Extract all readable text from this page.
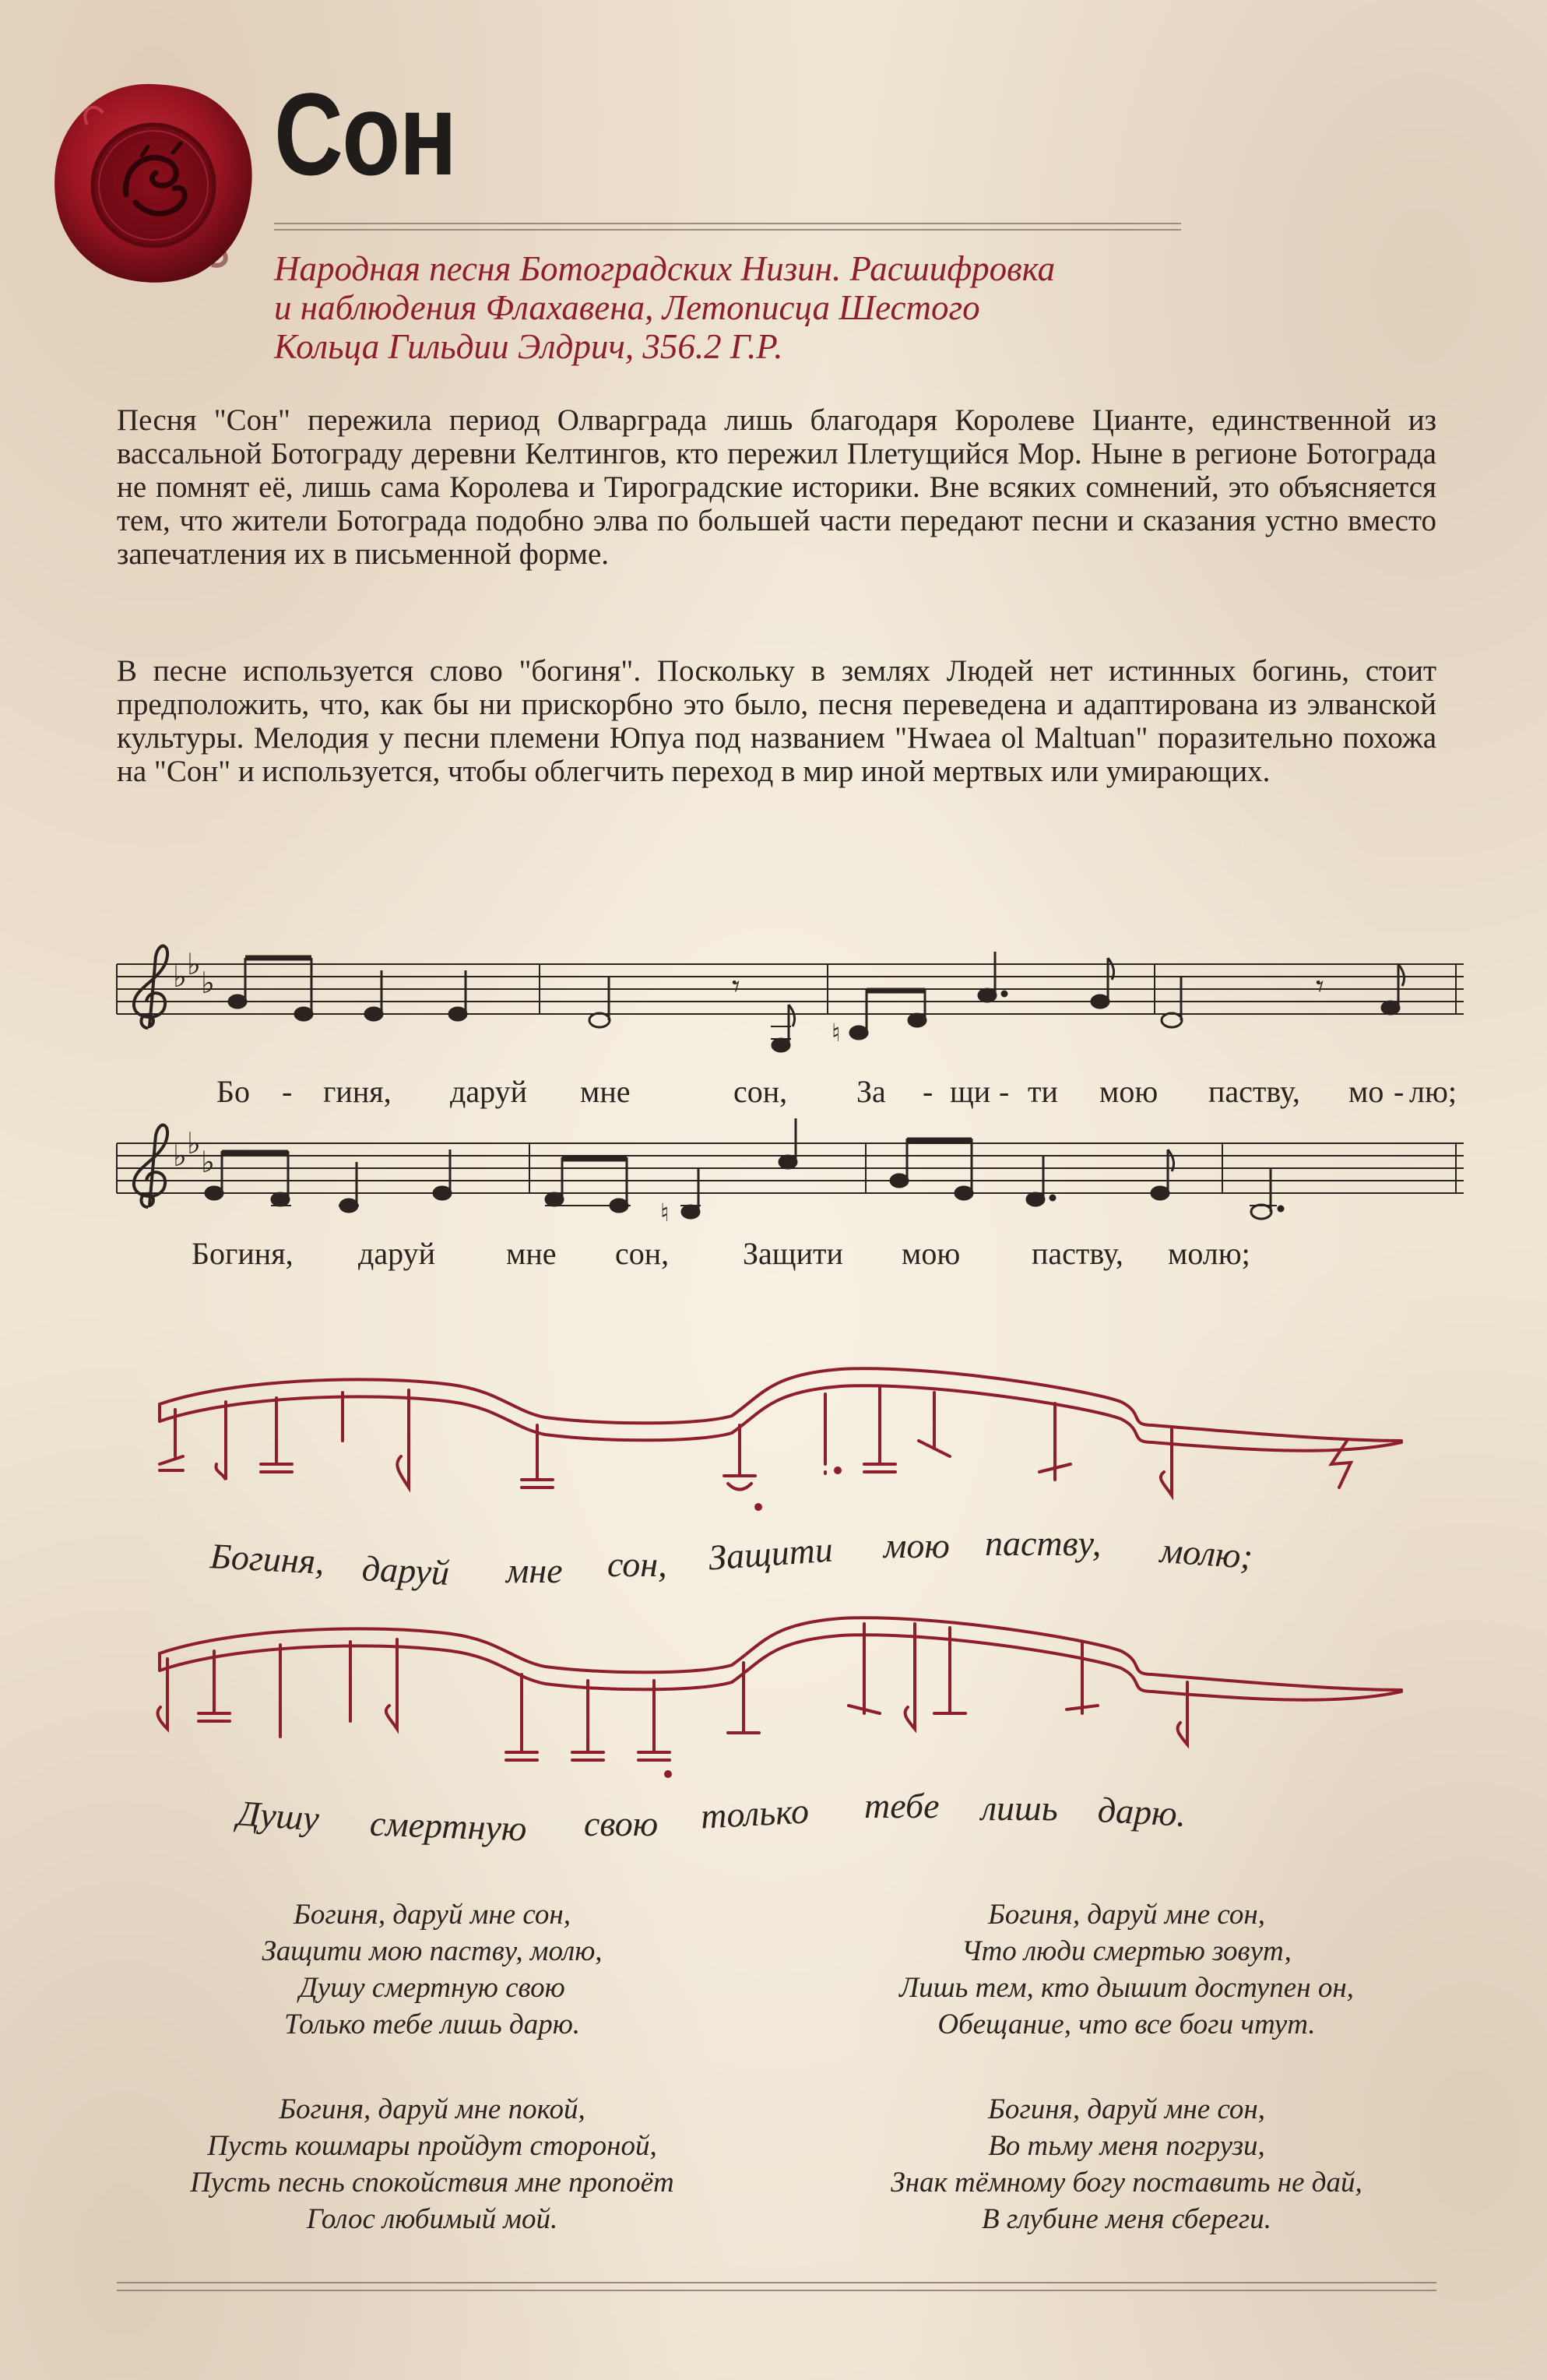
Сон
Народная песня Ботоградских Низин. Расшифровка
и наблюдения Флахавена, Летописца Шестого
Кольца Гильдии Элдрич, 356.2 Г.Р.

Песня "Сон" пережила период Олварграда лишь благодаря Королеве Цианте, единственной из вассальной Ботограду деревни Келтингов, кто пережил Плетущийся Мор. Ныне в регионе Ботограда не помнят её, лишь сама Королева и Тироградские историки. Вне всяких сомнений, это объясняется тем, что жители Ботограда подобно элва по большей части передают песни и сказания устно вместо запечатления их в письменной форме.

В песне используется слово "богиня". Поскольку в землях Людей нет истинных богинь, стоит предположить, что, как бы ни прискорбно это было, песня переведена и адаптирована из элванской культуры. Мелодия у песни племени Юпуа под названием "Hwaea ol Maltuan" поразительно похожа на "Сон" и используется, чтобы облегчить переход в мир иной мертвых или умирающих.

♭ ♭
♭	𝄾
♮
𝄾
♭ ♭
♭
♮
Бо - гиня, даруй мне	сон, За - щи - ти мою паству, мо - лю;
Богиня, даруй мне сон, Защити мою паству, молю;
Богиня, даруй мне сон, Защити мою паству, молю;
Душу смертную свою только тебе лишь дарю.
Богиня, даруй мне сон,
Защити мою паству, молю,
Душу смертную свою
Только тебе лишь дарю.
Богиня, даруй мне покой,
Пусть кошмары пройдут стороной,
Пусть песнь спокойствия мне пропоёт
Голос любимый мой.
Богиня, даруй мне сон,
Что люди смертью зовут,
Лишь тем, кто дышит доступен он,
Обещание, что все боги чтут.
Богиня, даруй мне сон,
Во тьму меня погрузи,
Знак тёмному богу поставить не дай,
В глубине меня сбереги.
